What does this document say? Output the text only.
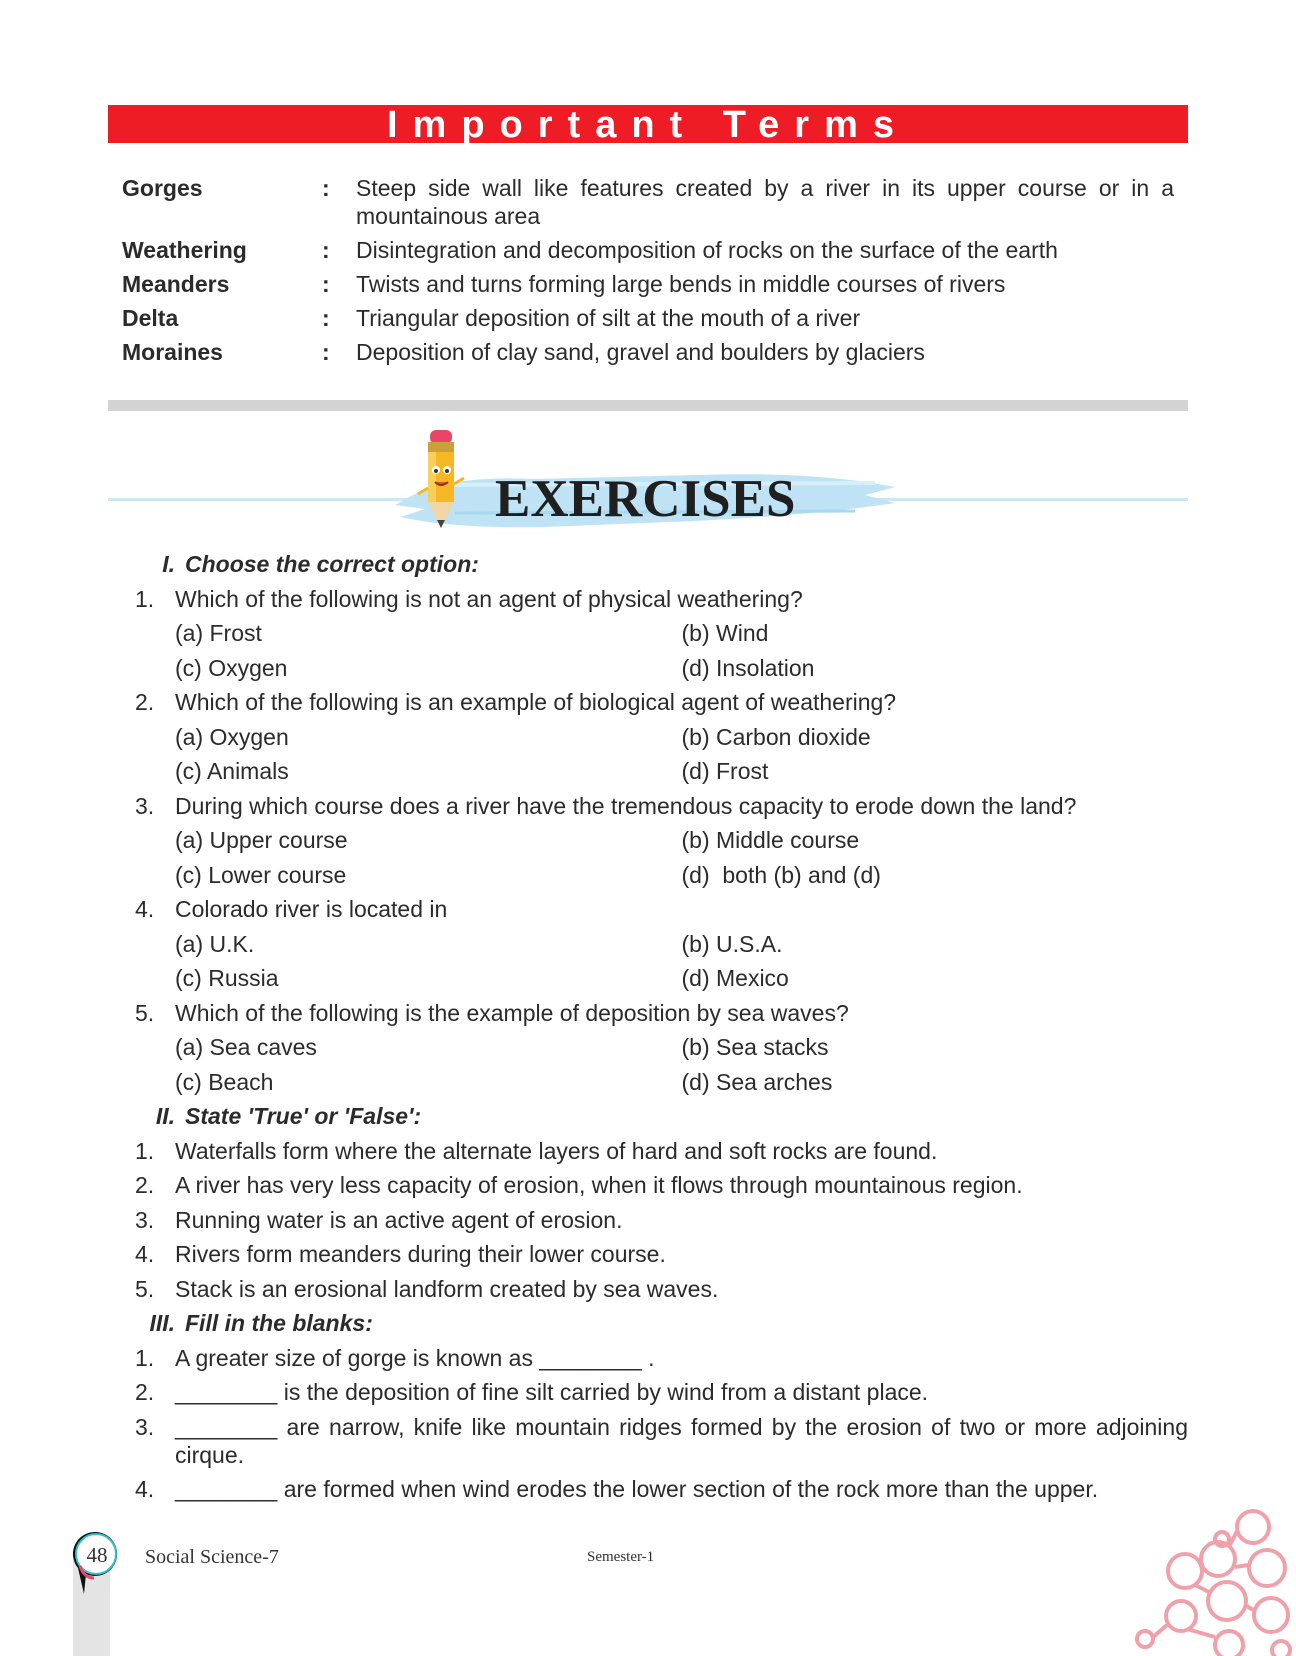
Important Terms
Gorges	:	Steep side wall like features created by a river in its upper course or in a mountainous area
Weathering	:	Disintegration and decomposition of rocks on the surface of the earth
Meanders	:	Twists and turns forming large bends in middle courses of rivers
Delta	:	Triangular deposition of silt at the mouth of a river
Moraines	:	Deposition of clay sand, gravel and boulders by glaciers
EXERCISES
I. Choose the correct option:
1. Which of the following is not an agent of physical weathering?
(a) Frost	(b) Wind
(c) Oxygen	(d) Insolation
2. Which of the following is an example of biological agent of weathering?
(a) Oxygen	(b) Carbon dioxide
(c) Animals	(d) Frost
3. During which course does a river have the tremendous capacity to erode down the land?
(a) Upper course	(b) Middle course
(c) Lower course	(d)  both (b) and (d)
4. Colorado river is located in
(a) U.K.	(b) U.S.A.
(c) Russia	(d) Mexico
5. Which of the following is the example of deposition by sea waves?
(a) Sea caves	(b) Sea stacks
(c) Beach	(d) Sea arches
II. State 'True' or 'False':
1. Waterfalls form where the alternate layers of hard and soft rocks are found.
2. A river has very less capacity of erosion, when it flows through mountainous region.
3. Running water is an active agent of erosion.
4. Rivers form meanders during their lower course.
5. Stack is an erosional landform created by sea waves.
III. Fill in the blanks:
1. A greater size of gorge is known as ________ .
2. ________ is the deposition of fine silt carried by wind from a distant place.
3. ________ are narrow, knife like mountain ridges formed by the erosion of two or more adjoining cirque.
4. ________ are formed when wind erodes the lower section of the rock more than the upper.
48 Social Science-7	Semester-1
